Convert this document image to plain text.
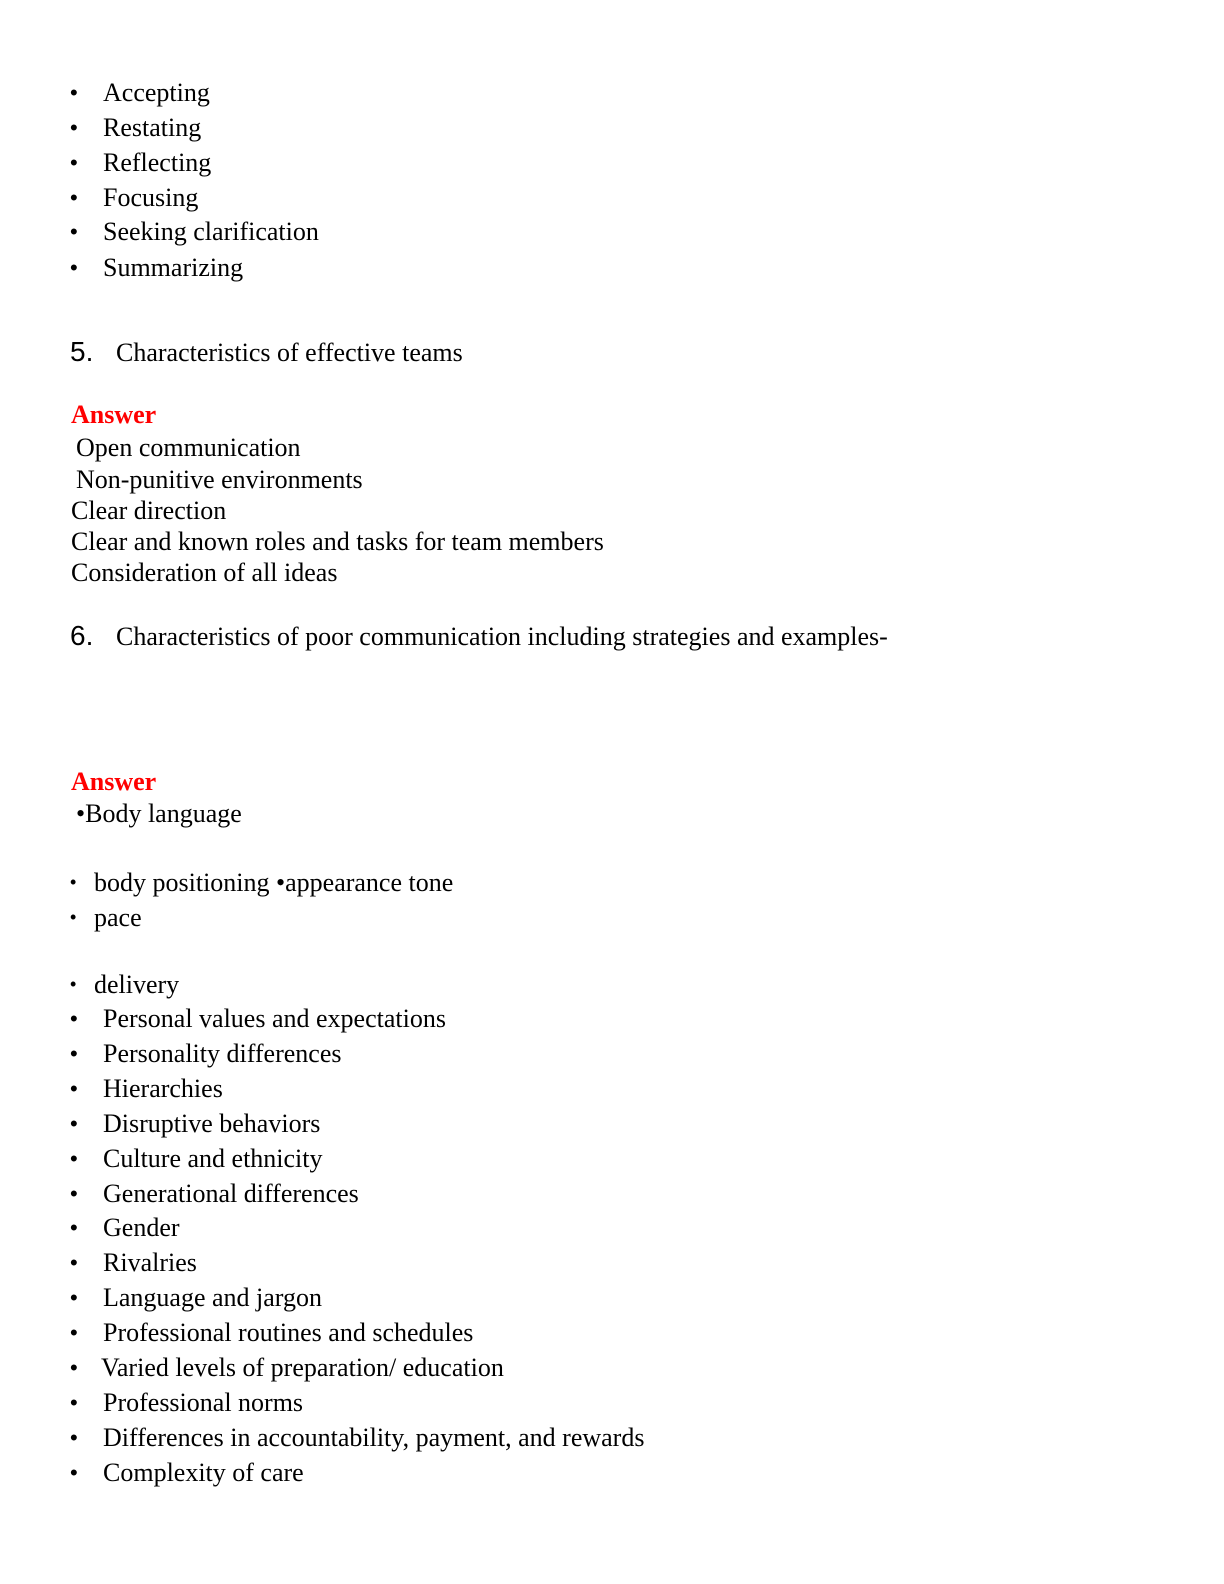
• Accepting
• Restating
• Reflecting
• Focusing
• Seeking clarification
• Summarizing
5. Characteristics of effective teams
Answer
Open communication
Non-punitive environments
Clear direction
Clear and known roles and tasks for team members
Consideration of all ideas
6. Characteristics of poor communication including strategies and examples-
Answer
•Body language
• body positioning •appearance tone
• pace
• delivery
• Personal values and expectations
• Personality differences
• Hierarchies
• Disruptive behaviors
• Culture and ethnicity
• Generational differences
• Gender
• Rivalries
• Language and jargon
• Professional routines and schedules
• Varied levels of preparation/ education
• Professional norms
• Differences in accountability, payment, and rewards
• Complexity of care
